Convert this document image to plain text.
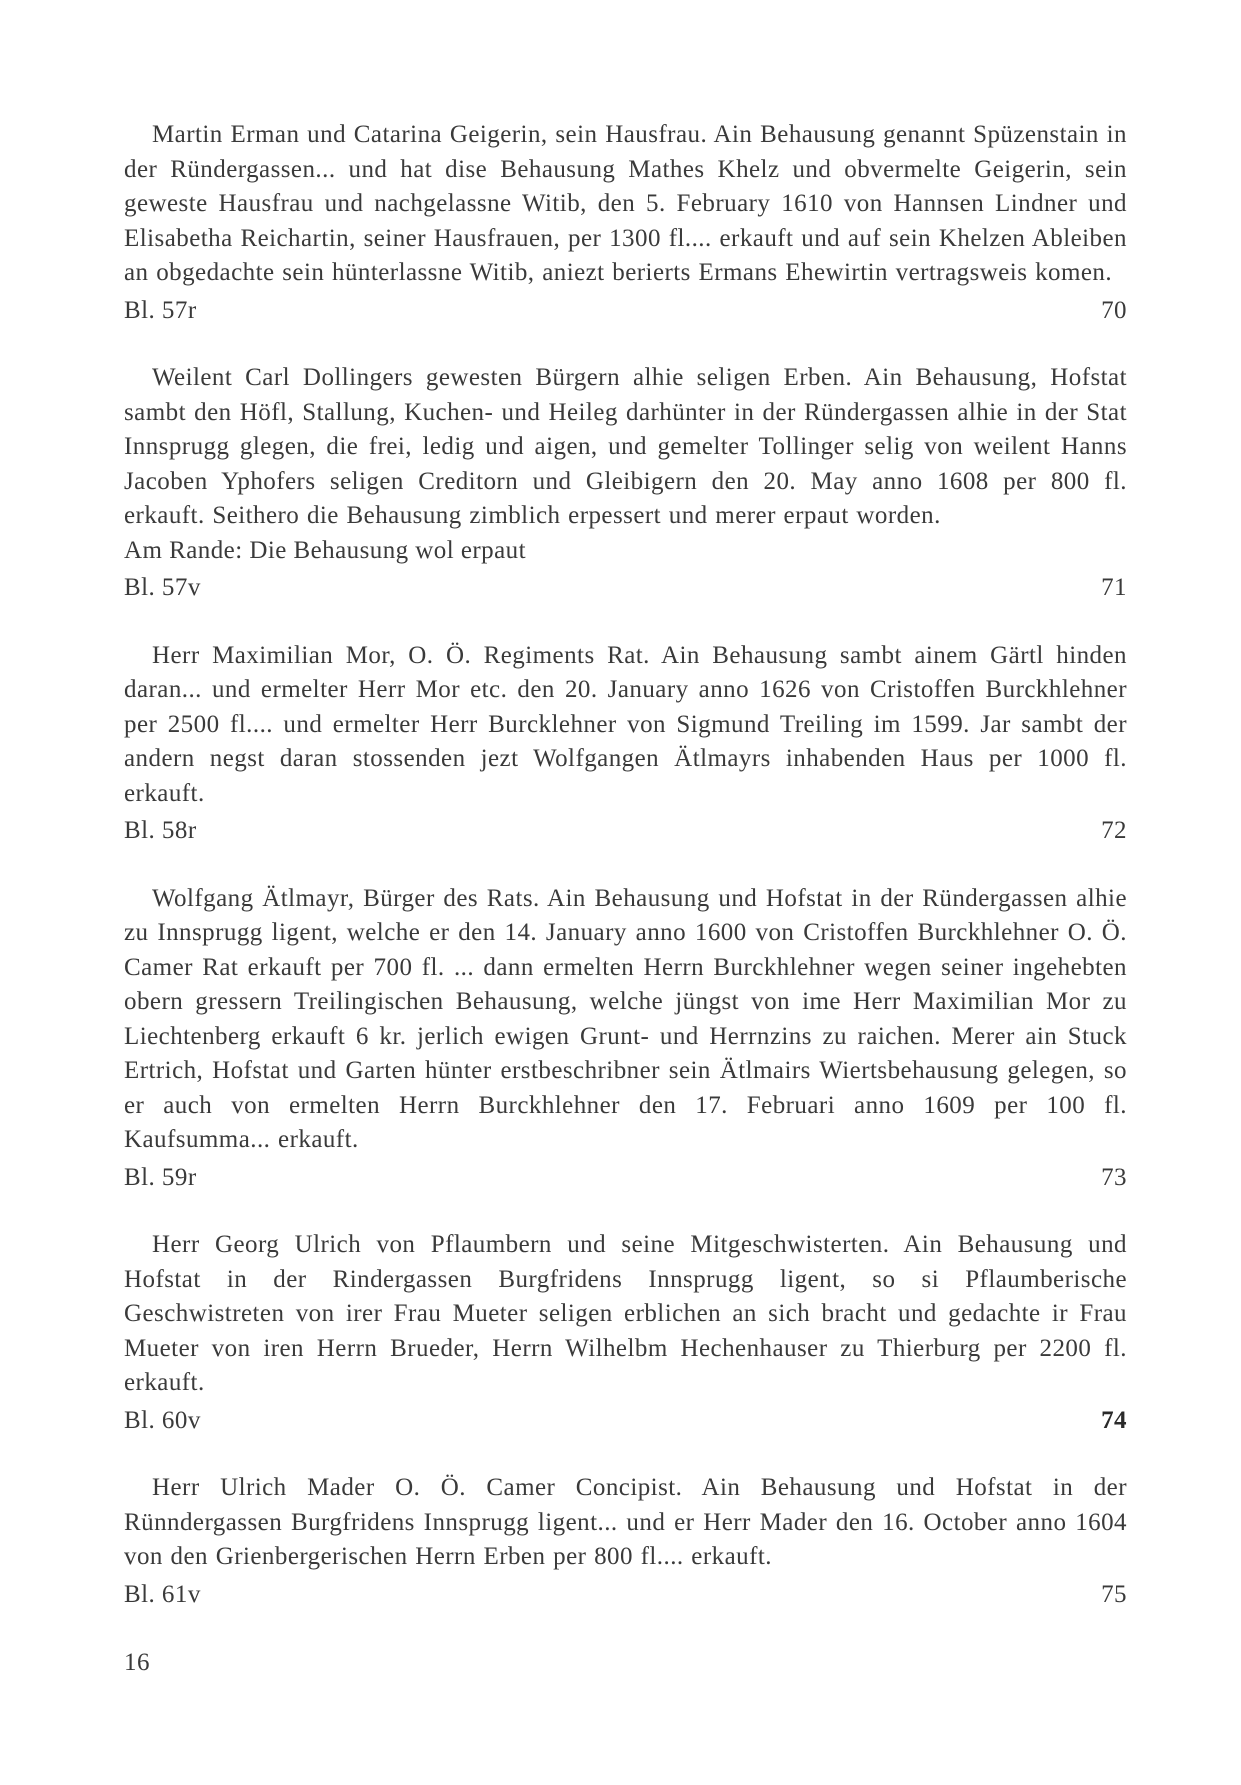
Martin Erman und Catarina Geigerin, sein Hausfrau. Ain Behausung genannt Spüzenstain in der Ründergassen... und hat dise Behausung Mathes Khelz und obvermelte Geigerin, sein geweste Hausfrau und nachgelassne Witib, den 5. February 1610 von Hannsen Lindner und Elisabetha Reichartin, seiner Hausfrauen, per 1300 fl.... erkauft und auf sein Khelzen Ableiben an obgedachte sein hünterlassne Witib, aniezt berierts Ermans Ehewirtin vertragsweis komen.

Bl. 57r	70

Weilent Carl Dollingers gewesten Bürgern alhie seligen Erben. Ain Behausung, Hofstat sambt den Höfl, Stallung, Kuchen- und Heileg darhünter in der Ründergassen alhie in der Stat Innsprugg glegen, die frei, ledig und aigen, und gemelter Tollinger selig von weilent Hanns Jacoben Yphofers seligen Creditorn und Gleibigern den 20. May anno 1608 per 800 fl. erkauft. Seithero die Behausung zimblich erpessert und merer erpaut worden.

Am Rande: Die Behausung wol erpaut

Bl. 57v	71

Herr Maximilian Mor, O. Ö. Regiments Rat. Ain Behausung sambt ainem Gärtl hinden daran... und ermelter Herr Mor etc. den 20. January anno 1626 von Cristoffen Burckhlehner per 2500 fl.... und ermelter Herr Burcklehner von Sigmund Treiling im 1599. Jar sambt der andern negst daran stossenden jezt Wolfgangen Ätlmayrs inhabenden Haus per 1000 fl. erkauft.

Bl. 58r	72

Wolfgang Ätlmayr, Bürger des Rats. Ain Behausung und Hofstat in der Ründergassen alhie zu Innsprugg ligent, welche er den 14. January anno 1600 von Cristoffen Burckhlehner O. Ö. Camer Rat erkauft per 700 fl. ... dann ermelten Herrn Burckhlehner wegen seiner ingehebten obern gressern Treilingischen Behausung, welche jüngst von ime Herr Maximilian Mor zu Liechtenberg erkauft 6 kr. jerlich ewigen Grunt- und Herrnzins zu raichen. Merer ain Stuck Ertrich, Hofstat und Garten hünter erstbeschribner sein Ätlmairs Wiertsbehausung gelegen, so er auch von ermelten Herrn Burckhlehner den 17. Februari anno 1609 per 100 fl. Kaufsumma... erkauft.

Bl. 59r	73

Herr Georg Ulrich von Pflaumbern und seine Mitgeschwisterten. Ain Behausung und Hofstat in der Rindergassen Burgfridens Innsprugg ligent, so si Pflaumberische Geschwistreten von irer Frau Mueter seligen erblichen an sich bracht und gedachte ir Frau Mueter von iren Herrn Brueder, Herrn Wilhelbm Hechenhauser zu Thierburg per 2200 fl. erkauft.

Bl. 60v	74

Herr Ulrich Mader O. Ö. Camer Concipist. Ain Behausung und Hofstat in der Rünndergassen Burgfridens Innsprugg ligent... und er Herr Mader den 16. October anno 1604 von den Grienbergerischen Herrn Erben per 800 fl.... erkauft.

Bl. 61v	75
16
